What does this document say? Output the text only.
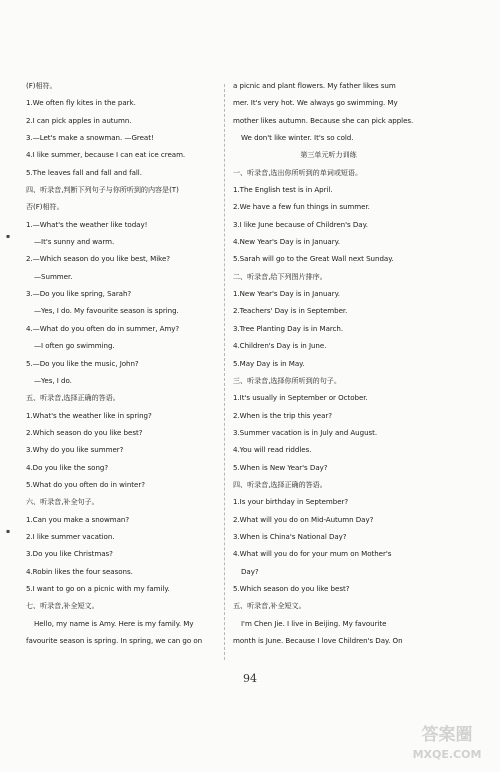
(F)相符。
1.We often fly kites in the park.
2.I can pick apples in autumn.
3.—Let's make a snowman. —Great!
4.I like summer, because I can eat ice cream.
5.The leaves fall and fall and fall.
四、听录音,判断下列句子与你所听到的内容是(T)
否(F)相符。
1.—What's the weather like today!
—It's sunny and warm.
2.—Which season do you like best, Mike?
—Summer.
3.—Do you like spring, Sarah?
—Yes, I do. My favourite season is spring.
4.—What do you often do in summer, Amy?
—I often go swimming.
5.—Do you like the music, John?
—Yes, I do.
五、听录音,选择正确的答语。
1.What's the weather like in spring?
2.Which season do you like best?
3.Why do you like summer?
4.Do you like the song?
5.What do you often do in winter?
六、听录音,补全句子。
1.Can you make a snowman?
2.I like summer vacation.
3.Do you like Christmas?
4.Robin likes the four seasons.
5.I want to go on a picnic with my family.
七、听录音,补全短文。
Hello, my name is Amy. Here is my family. My
favourite season is spring. In spring, we can go on
a picnic and plant flowers. My father likes sum
mer. It's very hot. We always go swimming. My
mother likes autumn. Because she can pick apples.
We don't like winter. It's so cold.
第三单元听力训练
一、听录音,选出你所听到的单词或短语。
1.The English test is in April.
2.We have a few fun things in summer.
3.I like June because of Children's Day.
4.New Year's Day is in January.
5.Sarah will go to the Great Wall next Sunday.
二、听录音,给下列图片排序。
1.New Year's Day is in January.
2.Teachers' Day is in September.
3.Tree Planting Day is in March.
4.Children's Day is in June.
5.May Day is in May.
三、听录音,选择你所听到的句子。
1.It's usually in September or October.
2.When is the trip this year?
3.Summer vacation is in July and August.
4.You will read riddles.
5.When is New Year's Day?
四、听录音,选择正确的答语。
1.Is your birthday in September?
2.What will you do on Mid-Autumn Day?
3.When is China's National Day?
4.What will you do for your mum on Mother's
Day?
5.Which season do you like best?
五、听录音,补全短文。
I'm Chen Jie. I live in Beijing. My favourite
month is June. Because I love Children's Day. On
▪
▪
94
答案圈
MXQE.COM
